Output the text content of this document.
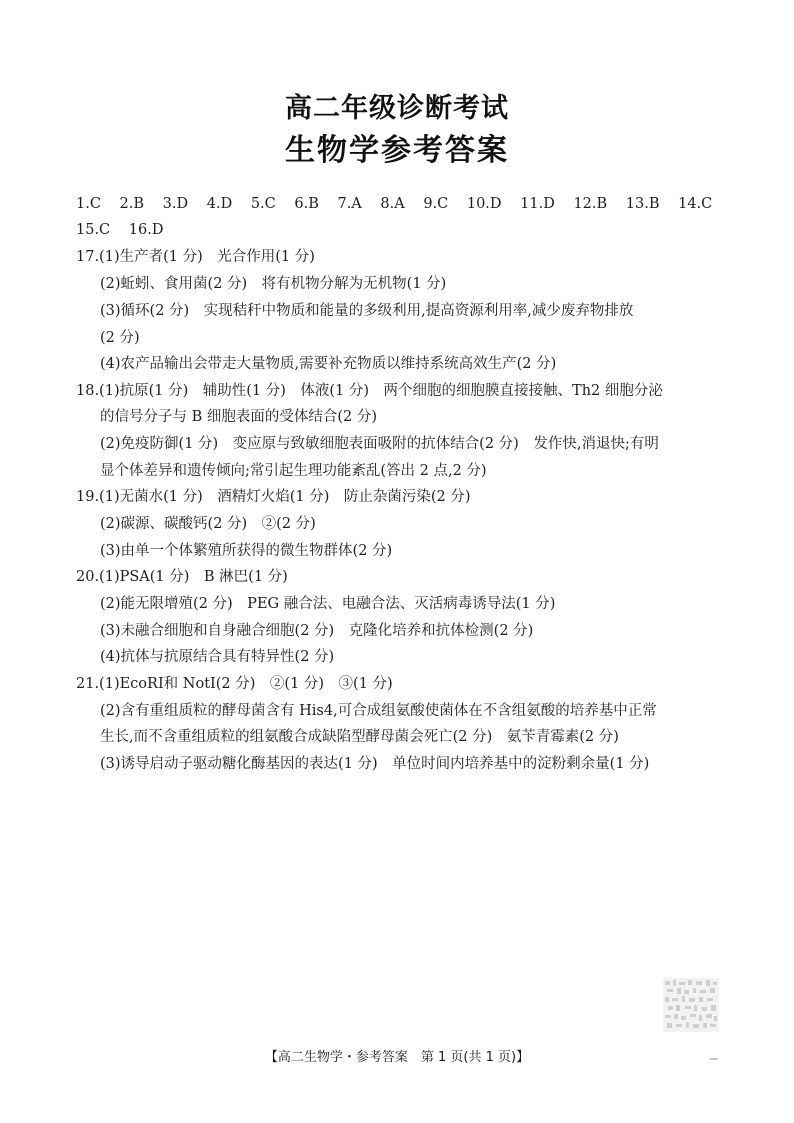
高二年级诊断考试
生物学参考答案
1.C 2.B 3.D 4.D 5.C 6.B 7.A 8.A 9.C 10.D 11.D 12.B 13.B 14.C
15.C 16.D
17.(1)生产者(1 分)　光合作用(1 分)
(2)蚯蚓、食用菌(2 分)　将有机物分解为无机物(1 分)
(3)循环(2 分)　实现秸秆中物质和能量的多级利用,提高资源利用率,减少废弃物排放
(2 分)
(4)农产品输出会带走大量物质,需要补充物质以维持系统高效生产(2 分)
18.(1)抗原(1 分)　辅助性(1 分)　体液(1 分)　两个细胞的细胞膜直接接触、Th2 细胞分泌
的信号分子与 B 细胞表面的受体结合(2 分)
(2)免疫防御(1 分)　变应原与致敏细胞表面吸附的抗体结合(2 分)　发作快,消退快;有明
显个体差异和遗传倾向;常引起生理功能紊乱(答出 2 点,2 分)
19.(1)无菌水(1 分)　酒精灯火焰(1 分)　防止杂菌污染(2 分)
(2)碳源、碳酸钙(2 分)　②(2 分)
(3)由单一个体繁殖所获得的微生物群体(2 分)
20.(1)PSA(1 分)　B 淋巴(1 分)
(2)能无限增殖(2 分)　PEG 融合法、电融合法、灭活病毒诱导法(1 分)
(3)未融合细胞和自身融合细胞(2 分)　克隆化培养和抗体检测(2 分)
(4)抗体与抗原结合具有特异性(2 分)
21.(1)EcoRⅠ和 NotⅠ(2 分)　②(1 分)　③(1 分)
(2)含有重组质粒的酵母菌含有 His4,可合成组氨酸使菌体在不含组氨酸的培养基中正常
生长,而不含重组质粒的组氨酸合成缺陷型酵母菌会死亡(2 分)　氨苄青霉素(2 分)
(3)诱导启动子驱动糖化酶基因的表达(1 分)　单位时间内培养基中的淀粉剩余量(1 分)
【高二生物学・参考答案　第 1 页(共 1 页)】
